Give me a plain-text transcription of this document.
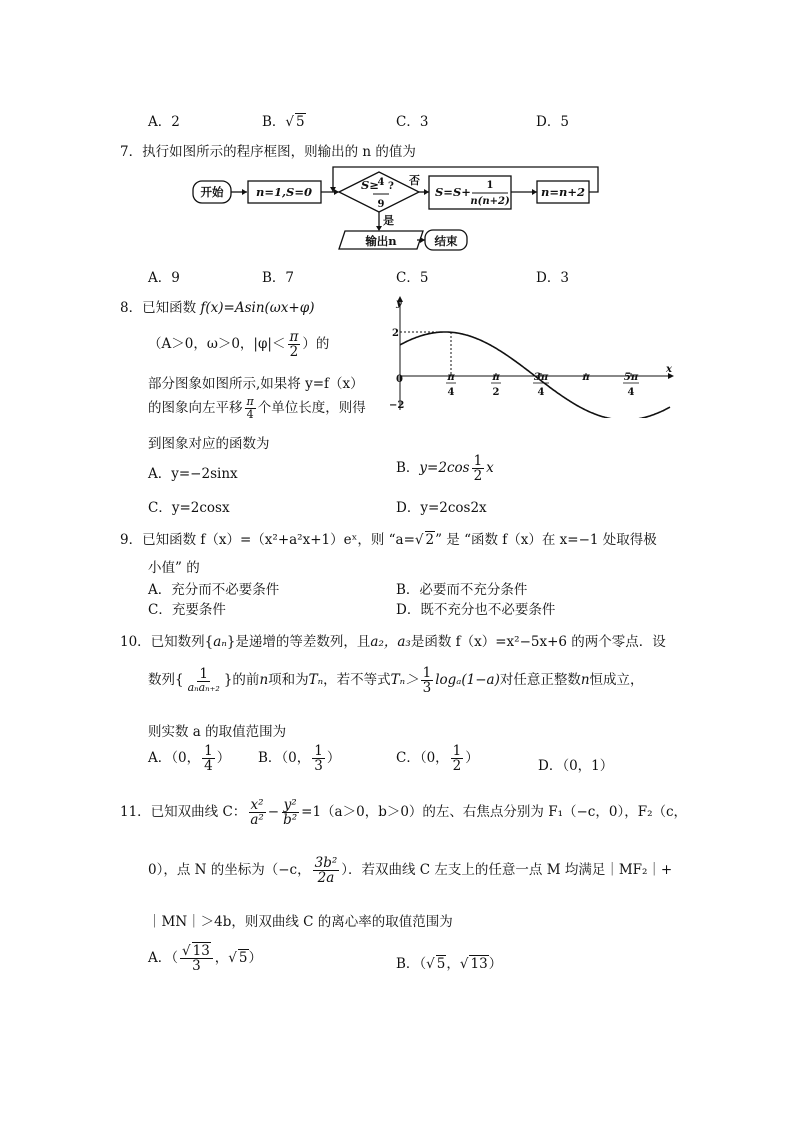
A．2	B．√ 5	C．3	D．5
7．执行如图所示的程序框图，则输出的 n 的值为
开始	n=1,S=0	S≥
4 ?
9
否
是
S=S+ 1
n(n+2)
n=n+2
输出n	结束
A．9	B．7	C．5	D．3
8．已知函数 f(x)=Asin(ωx+φ)
（A＞0，ω＞0，$|\varphi|< \frac{\pi}{2}$ ）的
部分图象如图所示,如果将 y=f（x）
的图象向左平移 $\frac{\pi}{4}$ 个单位长度，则得
到图象对应的函数为
y
x
0
2
−2
π
4
π
2
3π
4
π	5π
4
A．y=−2sinx	B．$y=2\cos \frac{1}{2}$ x
C．y=2cosx	D．y=2cos2x
9．已知函数 f（x）=（x²+a²x+1）eˣ，则 “a=√ 2” 是 “函数 f（x）在 x=−1 处取得极
小值” 的
A．充分而不必要条件	B．必要而不充分条件
C．充要条件	D．既不充分也不必要条件
10．已知数列{aₙ}是递增的等差数列，且a₂，a₃是函数 f（x）=x²−5x+6 的两个零点．设
数列{ $\frac{1}{\text{aₙaₙ₊₂}}$ }的前n项和为Tₙ，若不等式$T_n> \frac{1}{3} \log_a(1-a)$对任意正整数n恒成立，
则实数 a 的取值范围为
A．（0， $\frac{1}{4}$ ） B．（0， $\frac{1}{3}$ ）	C．（0， $\frac{1}{2}$ ）	D．（0，1）
11．已知双曲线 C： $\frac{\text{x²}}{\text{a²}} - \frac{\text{y²}}{\text{b²}} =1(a>0$，b＞0）的左、右焦点分别为 F₁（−c，0），F₂（c，
0），点 N 的坐标为（−c， $\frac{\text{3b²}}{2a}$ ）．若双曲线 C 左支上的任意一点 M 均满足｜MF₂｜+
｜MN｜＞4b，则双曲线 C 的离心率的取值范围为
A．（ $\frac{√ 13}{3}$ ，√ 5）	B．（√ 5，√ 13）
